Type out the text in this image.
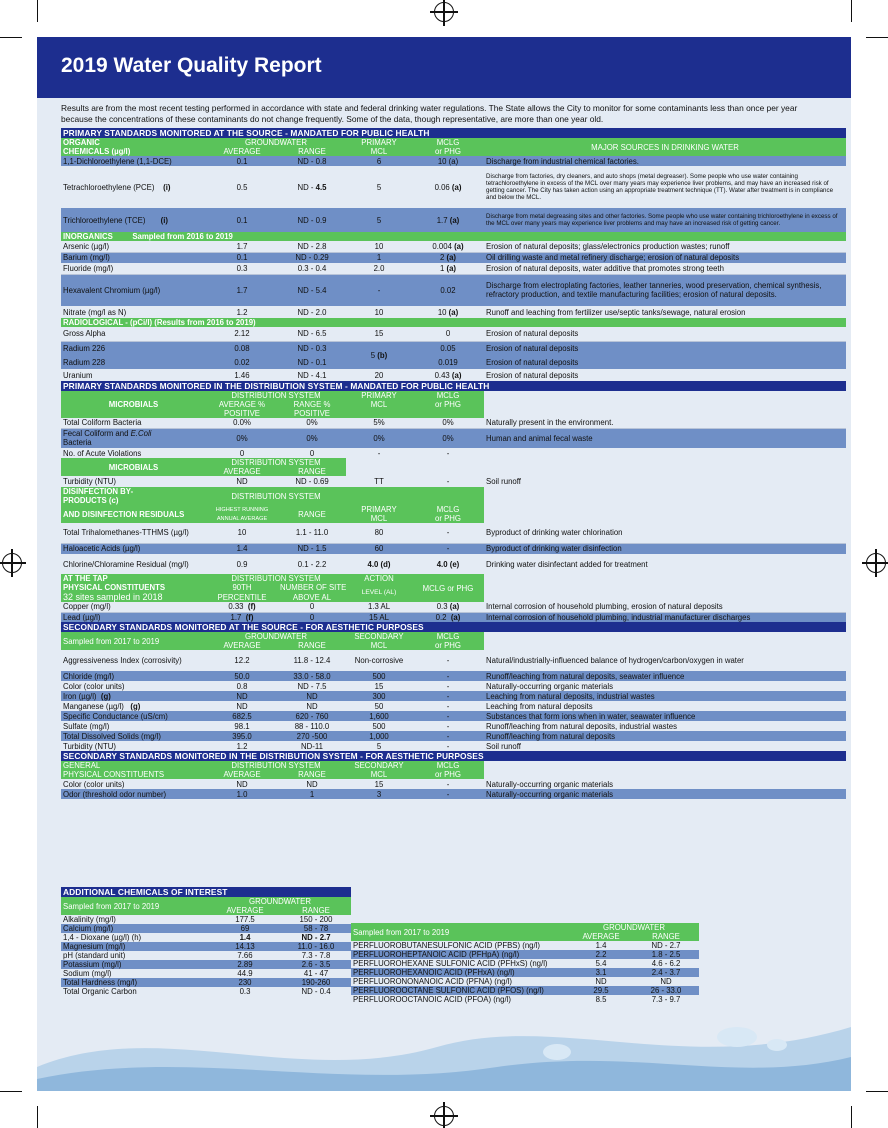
2019 Water Quality Report

Results are from the most recent testing performed in accordance with state and federal drinking water regulations. The State allows the City to monitor for some contaminants less than once per year because the concentrations of these contaminants do not change frequently. Some of the data, though representative, are more than one year old.

PRIMARY STANDARDS MONITORED AT THE SOURCE - MANDATED FOR PUBLIC HEALTH					
ORGANIC	GROUNDWATER		PRIMARY	MCLG	MAJOR SOURCES IN DRINKING WATER
CHEMICALS (µg/l)	AVERAGE	RANGE	MCL	or PHG	
1,1-Dichloroethylene (1,1-DCE)	0.1	ND - 0.8	6	10 (a)	Discharge from industrial chemical factories.
Tetrachloroethylene (PCE) (i)	0.5	ND - 4.5	5	0.06 (a)	Discharge from factories, dry cleaners, and auto shops (metal degreaser). Some people who use water containing tetrachloroethylene in excess of the MCL over many years may experience liver problems, and may have an increased risk of getting cancer. The City has taken action using an appropriate treatment technique (TT). Water after treatment is in compliance and below the MCL.
Trichloroethylene (TCE) (i)	0.1	ND - 0.9	5	1.7 (a)	Discharge from metal degreasing sites and other factories. Some people who use water containing trichloroethylene in excess of the MCL over many years may experience liver problems and may have an increased risk of getting cancer.
INORGANICS Sampled from 2016 to 2019					
Arsenic (µg/l)	1.7	ND - 2.8	10	0.004 (a)	Erosion of natural deposits; glass/electronics production wastes; runoff
Barium (mg/l)	0.1	ND - 0.29	1	2 (a)	Oil drilling waste and metal refinery discharge; erosion of natural deposits
Fluoride (mg/l)	0.3	0.3 - 0.4	2.0	1 (a)	Erosion of natural deposits, water additive that promotes strong teeth
Hexavalent Chromium (µg/l)	1.7	ND - 5.4	-	0.02	Discharge from electroplating factories, leather tanneries, wood preservation, chemical synthesis, refractory production, and textile manufacturing facilities; erosion of natural deposits.
Nitrate (mg/l as N)	1.2	ND - 2.0	10	10 (a)	Runoff and leaching from fertilizer use/septic tanks/sewage, natural erosion
RADIOLOGICAL - (pCi/l) (Results from 2016 to 2019)					
Gross Alpha	2.12	ND - 6.5	15	0	Erosion of natural deposits
Radium 226	0.08	ND - 0.3	5 (b)	0.05	Erosion of natural deposits
Radium 228	0.02	ND - 0.1		0.019	Erosion of natural deposits
Uranium	1.46	ND - 4.1	20	0.43 (a)	Erosion of natural deposits
PRIMARY STANDARDS MONITORED IN THE DISTRIBUTION SYSTEM - MANDATED FOR PUBLIC HEALTH					
MICROBIALS	DISTRIBUTION SYSTEM		PRIMARY	MCLG	
	AVERAGE %	RANGE %	MCL	or PHG	
	POSITIVE	POSITIVE			
Total Coliform Bacteria	0.0%	0%	5%	0%	Naturally present in the environment.
Fecal Coliform and E.Coli
Bacteria	0%	0%	0%	0%	Human and animal fecal waste
No. of Acute Violations	0	0	-	-	
MICROBIALS	DISTRIBUTION SYSTEM				
	AVERAGE	RANGE			
Turbidity (NTU)	ND	ND - 0.69	TT	-	Soil runoff
DISINFECTION BY-	DISTRIBUTION SYSTEM				
PRODUCTS (c)					
AND DISINFECTION RESIDUALS	HIGHEST RUNNING	RANGE	PRIMARY	MCLG	
	ANNUAL AVERAGE		MCL	or PHG	
Total Trihalomethanes-TTHMS (µg/l)	10	1.1 - 11.0	80	-	Byproduct of drinking water chlorination
Haloacetic Acids (µg/l)	1.4	ND - 1.5	60	-	Byproduct of drinking water disinfection
Chlorine/Chloramine Residual (mg/l)	0.9	0.1 - 2.2	4.0 (d)	4.0 (e)	Drinking water disinfectant added for treatment
AT THE TAP	DISTRIBUTION SYSTEM		ACTION	MCLG or PHG	
PHYSICAL CONSTITUENTS	90TH	NUMBER OF SITE	LEVEL (AL)		
32 sites sampled in 2018	PERCENTILE	ABOVE AL			
Copper (mg/l)	0.33 (f)	0	1.3 AL	0.3 (a)	Internal corrosion of household plumbing, erosion of natural deposits
Lead (µg/l)	1.7 (f)	0	15 AL	0.2  (a)	Internal corrosion of household plumbing, industrial manufacturer discharges
SECONDARY STANDARDS MONITORED AT THE SOURCE - FOR AESTHETIC PURPOSES					
Sampled from 2017 to 2019	GROUNDWATER		SECONDARY	MCLG	
	AVERAGE	RANGE	MCL	or PHG	
Aggressiveness Index (corrosivity)	12.2	11.8 - 12.4	Non-corrosive	-	Natural/industrially-influenced balance of hydrogen/carbon/oxygen in water
Chloride (mg/l)	50.0	33.0 - 58.0	500	-	Runoff/leaching from natural deposits, seawater influence
Color (color units)	0.8	ND - 7.5	15	-	Naturally-occurring organic materials
Iron (µg/l) (g)	ND	ND	300	-	Leaching from natural deposits, industrial wastes
Manganese (µg/l) (g)	ND	ND	50	-	Leaching from natural deposits
Specific Conductance (uS/cm)	682.5	620 - 760	1,600	-	Substances that form ions when in water, seawater influence
Sulfate (mg/l)	98.1	88 - 110.0	500	-	Runoff/leaching from natural deposits, industrial wastes
Total Dissolved Solids (mg/l)	395.0	270 -500	1,000	-	Runoff/leaching from natural deposits
Turbidity (NTU)	1.2	ND-11	5	-	Soil runoff
SECONDARY STANDARDS MONITORED IN THE DISTRIBUTION SYSTEM - FOR AESTHETIC PURPOSES					
GENERAL	DISTRIBUTION SYSTEM		SECONDARY	MCLG	
PHYSICAL CONSTITUENTS	AVERAGE	RANGE	MCL	or PHG	
Color (color units)	ND	ND	15	-	Naturally-occurring organic materials
Odor (threshold odor number)	1.0	1	3	-	Naturally-occurring organic materials
ADDITIONAL CHEMICALS OF INTEREST		
Sampled from 2017 to 2019	GROUNDWATER	
	AVERAGE	RANGE
Alkalinity (mg/l)	177.5	150 - 200
Calcium (mg/l)	69	58 - 78
1,4 - Dioxane (µg/l) (h)	1.4	ND - 2.7
Magnesium (mg/l)	14.13	11.0 - 16.0
pH (standard unit)	7.66	7.3 - 7.8
Potassium (mg/l)	2.89	2.6 - 3.5
Sodium (mg/l)	44.9	41 - 47
Total Hardness (mg/l)	230	190-260
Total Organic Carbon	0.3	ND - 0.4
Sampled from 2017 to 2019	GROUNDWATER	
	AVERAGE	RANGE
PERFLUOROBUTANESULFONIC ACID (PFBS) (ng/l)	1.4	ND - 2.7
PERFLUOROHEPTANOIC ACID (PFHpA) (ng/l)	2.2	1.8 - 2.5
PERFLUOROHEXANE SULFONIC ACID (PFHxS) (ng/l)	5.4	4.6 - 6.2
PERFLUOROHEXANOIC ACID (PFHxA) (ng/l)	3.1	2.4 - 3.7
PERFLUORONONANOIC ACID (PFNA) (ng/l)	ND	ND
PERFLUOROOCTANE SULFONIC ACID (PFOS) (ng/l)	29.5	26 - 33.0
PERFLUOROOCTANOIC ACID (PFOA) (ng/l)	8.5	7.3 - 9.7
